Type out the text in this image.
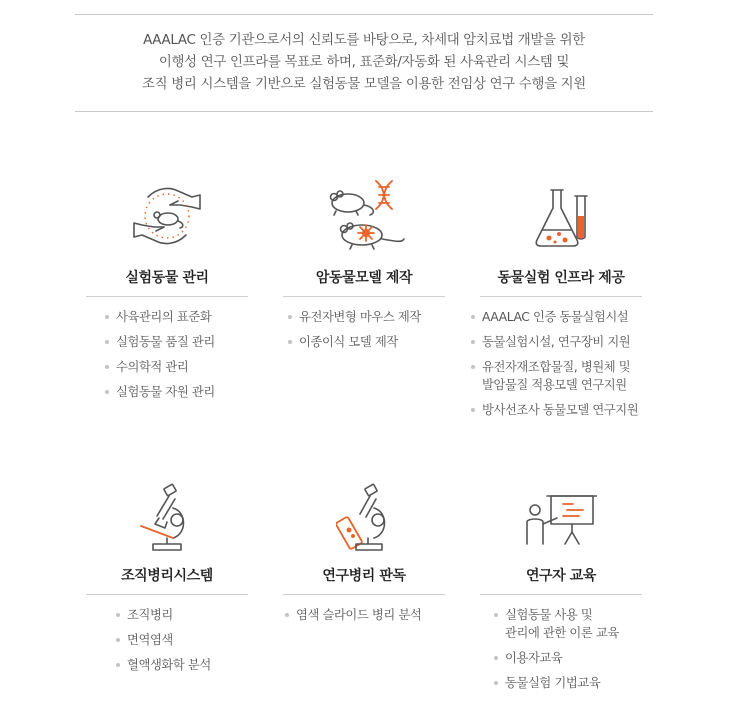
AAALAC 인증 기관으로서의 신뢰도를 바탕으로, 차세대 암치료법 개발을 위한
이행성 연구 인프라를 목표로 하며, 표준화/자동화 된 사육관리 시스템 및
조직 병리 시스템을 기반으로 실험동물 모델을 이용한 전임상 연구 수행을 지원
실험동물 관리
사육관리의 표준화
실험동물 품질 관리
수의학적 관리
실험동물 자원 관리
암동물모델 제작
유전자변형 마우스 제작
이종이식 모델 제작
동물실험 인프라 제공
AAALAC 인증 동물실험시설
동물실험시설, 연구장비 지원
유전자재조합물질, 병원체 및
발암물질 적용모델 연구지원
방사선조사 동물모델 연구지원
조직병리시스템
조직병리
면역염색
혈액생화학 분석
연구병리 판독
염색 슬라이드 병리 분석
연구자 교육
실험동물 사용 및
관리에 관한 이론 교육
이용자교육
동물실험 기법교육
